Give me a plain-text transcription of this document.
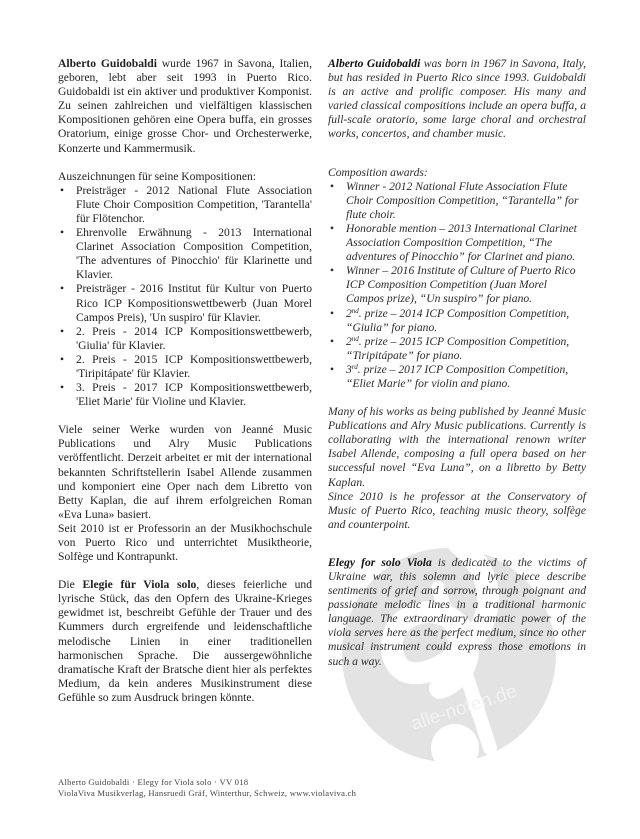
alle-noten.de

Alberto Guidobaldi wurde 1967 in Savona, Italien, geboren, lebt aber seit 1993 in Puerto Rico. Guidobaldi ist ein aktiver und produktiver Komponist. Zu seinen zahlreichen und vielfältigen klassischen Kompositionen gehören eine Opera buffa, ein grosses Oratorium, einige grosse Chor- und Orchesterwerke, Konzerte und Kammermusik.

Auszeichnungen für seine Kompositionen:

• Preisträger - 2012 National Flute Association Flute Choir Composition Competition, 'Tarantella' für Flötenchor.
• Ehrenvolle Erwähnung - 2013 International Clarinet Association Composition Competition, 'The adventures of Pinocchio' für Klarinette und Klavier.
• Preisträger - 2016 Institut für Kultur von Puerto Rico ICP Kompositionswettbewerb (Juan Morel Campos Preis), 'Un suspiro' für Klavier.
• 2. Preis - 2014 ICP Kompositionswettbewerb, 'Giulia' für Klavier.
• 2. Preis - 2015 ICP Kompositionswettbewerb, 'Tiripitápate' für Klavier.
• 3. Preis - 2017 ICP Kompositionswettbewerb, 'Eliet Marie' für Violine und Klavier.

Viele seiner Werke wurden von Jeanné Music Publications und Alry Music Publications veröffentlicht. Derzeit arbeitet er mit der international bekannten Schriftstellerin Isabel Allende zusammen und komponiert eine Oper nach dem Libretto von Betty Kaplan, die auf ihrem erfolgreichen Roman «Eva Luna» basiert.

Seit 2010 ist er Professorin an der Musikhochschule von Puerto Rico und unterrichtet Musiktheorie, Solfège und Kontrapunkt.

Die Elegie für Viola solo, dieses feierliche und lyrische Stück, das den Opfern des Ukraine-Krieges gewidmet ist, beschreibt Gefühle der Trauer und des Kummers durch ergreifende und leidenschaftliche melodische Linien in einer traditionellen harmonischen Sprache. Die aussergewöhnliche dramatische Kraft der Bratsche dient hier als perfektes Medium, da kein anderes Musikinstrument diese Gefühle so zum Ausdruck bringen könnte.

Alberto Guidobaldi was born in 1967 in Savona, Italy, but has resided in Puerto Rico since 1993. Guidobaldi is an active and prolific composer. His many and varied classical compositions include an opera buffa, a full-scale oratorio, some large choral and orchestral works, concertos, and chamber music.

Composition awards:

• Winner - 2012 National Flute Association Flute Choir Composition Competition, “Tarantella” for flute choir.
• Honorable mention – 2013 International Clarinet Association Composition Competition, “The adventures of Pinocchio” for Clarinet and piano.
• Winner – 2016 Institute of Culture of Puerto Rico ICP Composition Competition (Juan Morel Campos prize), “Un suspiro” for piano.
• 2nd. prize – 2014 ICP Composition Competition, “Giulia” for piano.
• 2nd. prize – 2015 ICP Composition Competition, “Tiripitápate” for piano.
• 3rd. prize – 2017 ICP Composition Competition, “Eliet Marie” for violin and piano.

Many of his works as being published by Jeanné Music Publications and Alry Music publications. Currently is collaborating with the international renown writer Isabel Allende, composing a full opera based on her successful novel “Eva Luna”, on a libretto by Betty Kaplan.

Since 2010 is he professor at the Conservatory of Music of Puerto Rico, teaching music theory, solfège and counterpoint.

Elegy for solo Viola is dedicated to the victims of Ukraine war, this solemn and lyric piece describe sentiments of grief and sorrow, through poignant and passionate melodic lines in a traditional harmonic language. The extraordinary dramatic power of the viola serves here as the perfect medium, since no other musical instrument could express those emotions in such a way.

Alberto Guidobaldi · Elegy for Viola solo · VV 018
ViolaViva Musikverlag, Hansruedi Gräf, Winterthur, Schweiz, www.violaviva.ch
